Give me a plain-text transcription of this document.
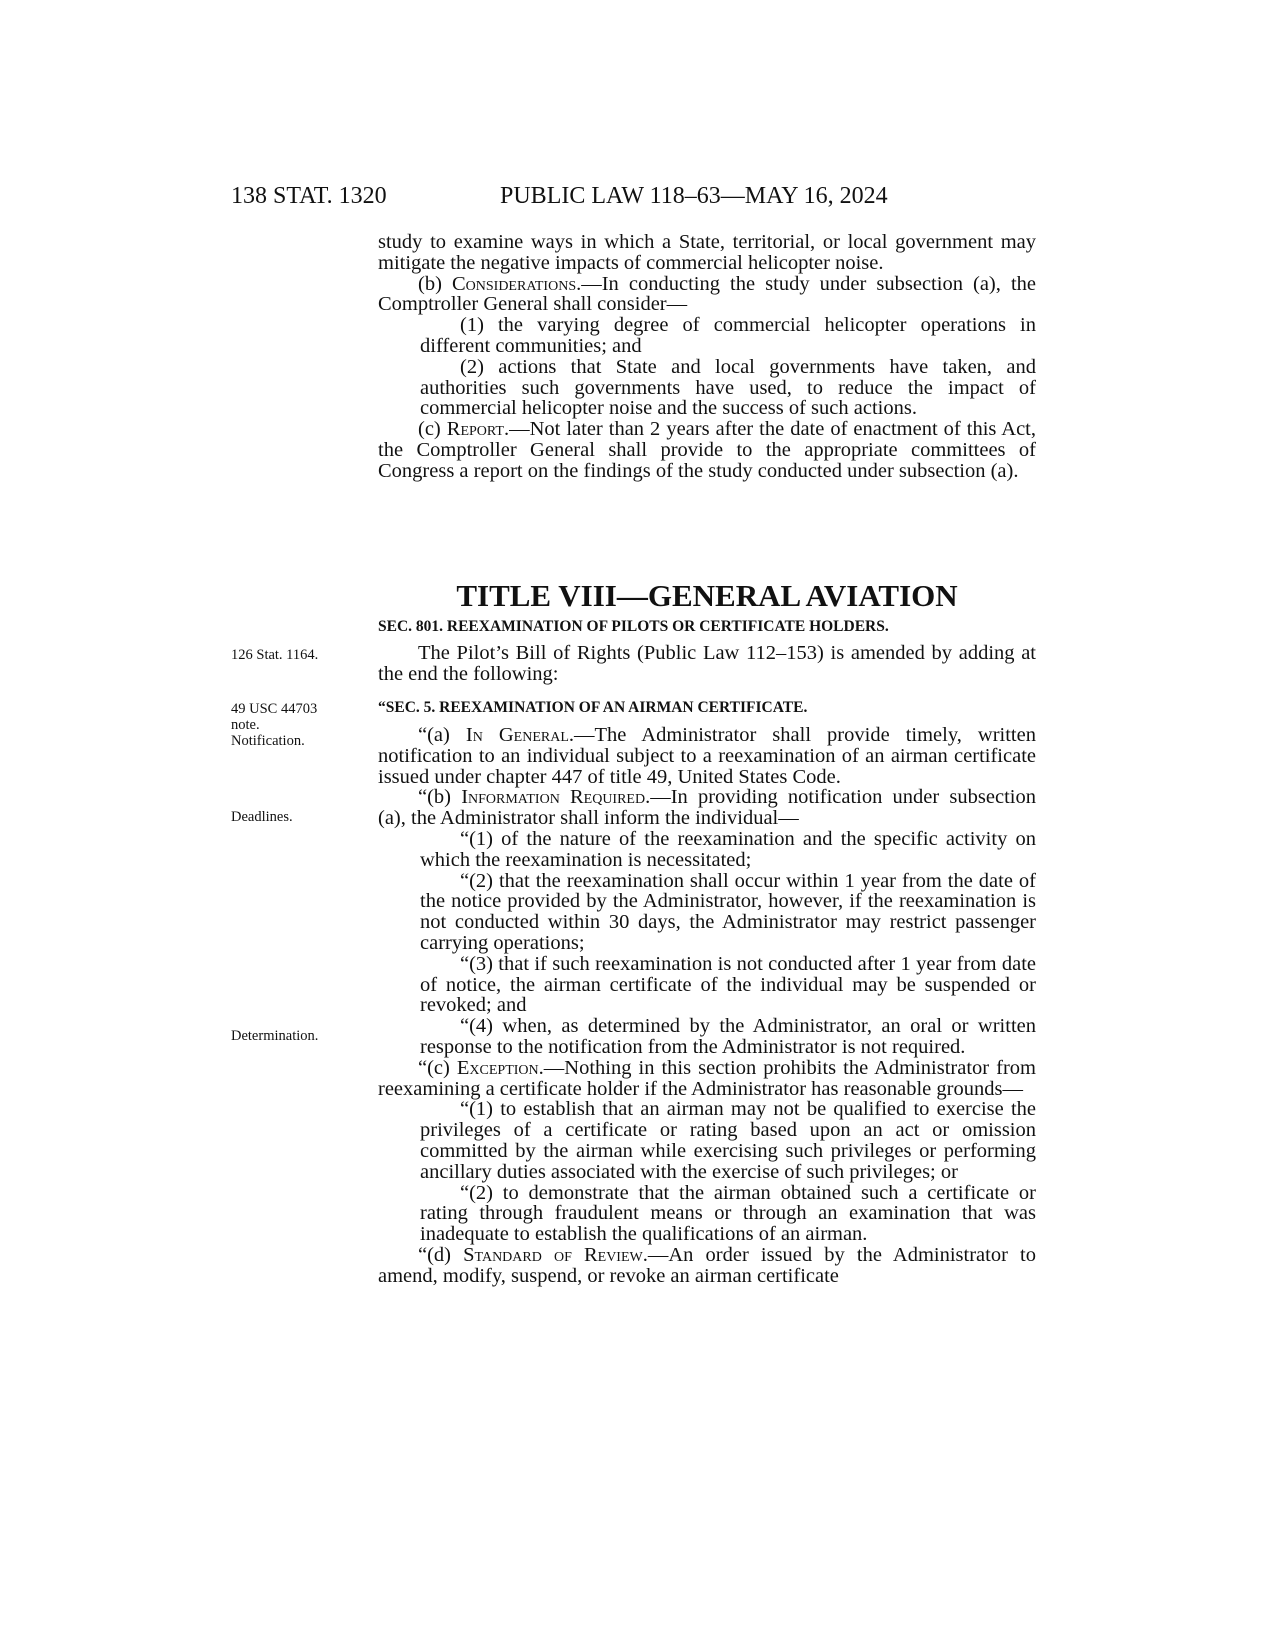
138 STAT. 1320	PUBLIC LAW 118–63—MAY 16, 2024

study to examine ways in which a State, territorial, or local government may mitigate the negative impacts of commercial helicopter noise.

(b) Considerations.—In conducting the study under subsection (a), the Comptroller General shall consider—

(1) the varying degree of commercial helicopter operations in different communities; and

(2) actions that State and local governments have taken, and authorities such governments have used, to reduce the impact of commercial helicopter noise and the success of such actions.

(c) Report.—Not later than 2 years after the date of enactment of this Act, the Comptroller General shall provide to the appropriate committees of Congress a report on the findings of the study conducted under subsection (a).

TITLE VIII—GENERAL AVIATION
SEC. 801. REEXAMINATION OF PILOTS OR CERTIFICATE HOLDERS.

The Pilot’s Bill of Rights (Public Law 112–153) is amended by adding at the end the following:

“SEC. 5. REEXAMINATION OF AN AIRMAN CERTIFICATE.

“(a) In General.—The Administrator shall provide timely, written notification to an individual subject to a reexamination of an airman certificate issued under chapter 447 of title 49, United States Code.

“(b) Information Required.—In providing notification under subsection (a), the Administrator shall inform the individual—

“(1) of the nature of the reexamination and the specific activity on which the reexamination is necessitated;

“(2) that the reexamination shall occur within 1 year from the date of the notice provided by the Administrator, however, if the reexamination is not conducted within 30 days, the Administrator may restrict passenger carrying operations;

“(3) that if such reexamination is not conducted after 1 year from date of notice, the airman certificate of the individual may be suspended or revoked; and

“(4) when, as determined by the Administrator, an oral or written response to the notification from the Administrator is not required.

“(c) Exception.—Nothing in this section prohibits the Administrator from reexamining a certificate holder if the Administrator has reasonable grounds—

“(1) to establish that an airman may not be qualified to exercise the privileges of a certificate or rating based upon an act or omission committed by the airman while exercising such privileges or performing ancillary duties associated with the exercise of such privileges; or

“(2) to demonstrate that the airman obtained such a certificate or rating through fraudulent means or through an examination that was inadequate to establish the qualifications of an airman.

“(d) Standard of Review.—An order issued by the Administrator to amend, modify, suspend, or revoke an airman certificate

126 Stat. 1164.
49 USC 44703
note.
Notification.
Deadlines.
Determination.
